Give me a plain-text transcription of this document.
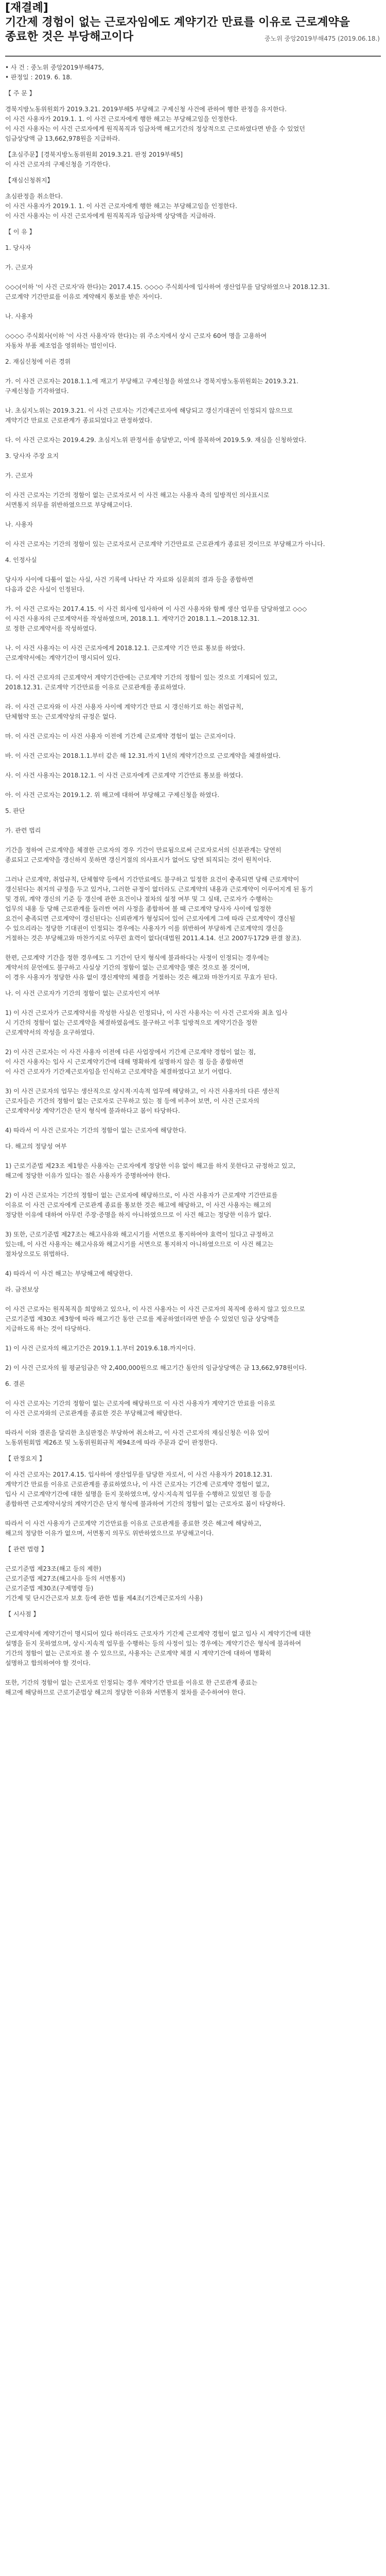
[재결례]
기간제 경험이 없는 근로자임에도 계약기간 만료를 이유로 근로계약을
종료한 것은 부당해고이다	중노위 중앙2019부해475 (2019.06.18.)
• 사 건 : 중노위 중앙2019부해475,
• 판정일 : 2019. 6. 18.
【 주 문 】
경북지방노동위원회가 2019.3.21. 2019부해5 부당해고 구제신청 사건에 관하여 행한 판정을 유지한다.
이 사건 사용자가 2019.1. 1. 이 사건 근로자에게 행한 해고는 부당해고임을 인정한다.
이 사건 사용자는 이 사건 근로자에게 원직복직과 임금차액 해고기간의 정상적으로 근로하였다면 받을 수 있었던
임금상당액 금 13,662,978원을 지급하라.
【초심주문】[경북지방노동위원회 2019.3.21. 판정 2019부해5]
이 사건 근로자의 구제신청을 기각한다.
【재심신청취지】
초심판정을 취소한다.
이 사건 사용자가 2019.1. 1. 이 사건 근로자에게 행한 해고는 부당해고임을 인정한다.
이 사건 사용자는 이 사건 근로자에게 원직복직과 임금차액 상당액을 지급하라.
【 이 유 】
1. 당사자

가. 근로자

◇◇◇(이하 '이 사건 근로자'라 한다)는 2017.4.15. ◇◇◇◇ 주식회사에 입사하여 생산업무를 담당하였으나 2018.12.31.
근로계약 기간만료를 이유로 계약해지 통보를 받은 자이다.

나. 사용자

◇◇◇◇ 주식회사(이하 '이 사건 사용자'라 한다)는 위 주소지에서 상시 근로자 60여 명을 고용하여
자동차 부품 제조업을 영위하는 법인이다.
2. 재심신청에 이른 경위

가. 이 사건 근로자는 2018.1.1.에 재고기 부당해고 구제신청을 하였으나 경북지방노동위원회는 2019.3.21.
구제신청을 기각하였다.

나. 초심지노위는 2019.3.21. 이 사건 근로자는 기간제근로자에 해당되고 갱신기대권이 인정되지 않으므로
계약기간 만료로 근로관계가 종료되었다고 판정하였다.

다. 이 사건 근로자는 2019.4.29. 초심지노위 판정서를 송달받고, 이에 불복하여 2019.5.9. 재심을 신청하였다.
3. 당사자 주장 요지

가. 근로자

이 사건 근로자는 기간의 정함이 없는 근로자로서 이 사건 해고는 사용자 측의 일방적인 의사표시로
서면통지 의무를 위반하였으므로 부당해고이다.

나. 사용자

이 사건 근로자는 기간의 정함이 있는 근로자로서 근로계약 기간만료로 근로관계가 종료된 것이므로 부당해고가 아니다.
4. 인정사실

당사자 사이에 다툼이 없는 사실, 사건 기록에 나타난 각 자료와 심문회의 결과 등을 종합하면
다음과 같은 사실이 인정된다.

가. 이 사건 근로자는 2017.4.15. 이 사건 회사에 입사하여 이 사건 사용자와 함께 생산 업무를 담당하였고 ◇◇◇
이 사건 사용자의 근로계약서를 작성하였으며, 2018.1.1. 계약기간 2018.1.1.~2018.12.31.
로 정한 근로계약서를 작성하였다.

나. 이 사건 사용자는 이 사건 근로자에게 2018.12.1. 근로계약 기간 만료 통보를 하였다.
근로계약서에는 계약기간이 명시되어 있다.

다. 이 사건 근로자의 근로계약서 계약기간란에는 근로계약 기간의 정함이 있는 것으로 기재되어 있고,
2018.12.31. 근로계약 기간만료를 이유로 근로관계를 종료하였다.

라. 이 사건 근로자와 이 사건 사용자 사이에 계약기간 만료 시 갱신하기로 하는 취업규칙,
단체협약 또는 근로계약상의 규정은 없다.

마. 이 사건 근로자는 이 사건 사용자 이전에 기간제 근로계약 경험이 없는 근로자이다.

바. 이 사건 근로자는 2018.1.1.부터 같은 해 12.31.까지 1년의 계약기간으로 근로계약을 체결하였다.

사. 이 사건 사용자는 2018.12.1. 이 사건 근로자에게 근로계약 기간만료 통보를 하였다.

아. 이 사건 근로자는 2019.1.2. 위 해고에 대하여 부당해고 구제신청을 하였다.
5. 판단

가. 관련 법리

기간을 정하여 근로계약을 체결한 근로자의 경우 기간이 만료됨으로써 근로자로서의 신분관계는 당연히
종료되고 근로계약을 갱신하지 못하면 갱신거절의 의사표시가 없어도 당연 퇴직되는 것이 원칙이다.

그러나 근로계약, 취업규칙, 단체협약 등에서 기간만료에도 불구하고 일정한 요건이 충족되면 당해 근로계약이
갱신된다는 취지의 규정을 두고 있거나, 그러한 규정이 없더라도 근로계약의 내용과 근로계약이 이루어지게 된 동기
및 경위, 계약 갱신의 기준 등 갱신에 관한 요건이나 절차의 설정 여부 및 그 실태, 근로자가 수행하는
업무의 내용 등 당해 근로관계를 둘러싼 여러 사정을 종합하여 볼 때 근로계약 당사자 사이에 일정한
요건이 충족되면 근로계약이 갱신된다는 신뢰관계가 형성되어 있어 근로자에게 그에 따라 근로계약이 갱신될
수 있으리라는 정당한 기대권이 인정되는 경우에는 사용자가 이를 위반하여 부당하게 근로계약의 갱신을
거절하는 것은 부당해고와 마찬가지로 아무런 효력이 없다(대법원 2011.4.14. 선고 2007두1729 판결 참조).

한편, 근로계약 기간을 정한 경우에도 그 기간이 단지 형식에 불과하다는 사정이 인정되는 경우에는
계약서의 문언에도 불구하고 사실상 기간의 정함이 없는 근로계약을 맺은 것으로 볼 것이며,
이 경우 사용자가 정당한 사유 없이 갱신계약의 체결을 거절하는 것은 해고와 마찬가지로 무효가 된다.
나. 이 사건 근로자가 기간의 정함이 없는 근로자인지 여부

1) 이 사건 근로자가 근로계약서를 작성한 사실은 인정되나, 이 사건 사용자는 이 사건 근로자와 최초 입사
시 기간의 정함이 없는 근로계약을 체결하였음에도 불구하고 이후 일방적으로 계약기간을 정한
근로계약서의 작성을 요구하였다.

2) 이 사건 근로자는 이 사건 사용자 이전에 다른 사업장에서 기간제 근로계약 경험이 없는 점,
이 사건 사용자는 입사 시 근로계약기간에 대해 명확하게 설명하지 않은 점 등을 종합하면
이 사건 근로자가 기간제근로자임을 인식하고 근로계약을 체결하였다고 보기 어렵다.

3) 이 사건 근로자의 업무는 생산직으로 상시적·지속적 업무에 해당하고, 이 사건 사용자의 다른 생산직
근로자들은 기간의 정함이 없는 근로자로 근무하고 있는 점 등에 비추어 보면, 이 사건 근로자의
근로계약서상 계약기간은 단지 형식에 불과하다고 봄이 타당하다.

4) 따라서 이 사건 근로자는 기간의 정함이 없는 근로자에 해당한다.
다. 해고의 정당성 여부

1) 근로기준법 제23조 제1항은 사용자는 근로자에게 정당한 이유 없이 해고를 하지 못한다고 규정하고 있고,
해고에 정당한 이유가 있다는 점은 사용자가 증명하여야 한다.

2) 이 사건 근로자는 기간의 정함이 없는 근로자에 해당하므로, 이 사건 사용자가 근로계약 기간만료를
이유로 이 사건 근로자에게 근로관계 종료를 통보한 것은 해고에 해당하고, 이 사건 사용자는 해고의
정당한 이유에 대하여 아무런 주장·증명을 하지 아니하였으므로 이 사건 해고는 정당한 이유가 없다.

3) 또한, 근로기준법 제27조는 해고사유와 해고시기를 서면으로 통지하여야 효력이 있다고 규정하고
있는데, 이 사건 사용자는 해고사유와 해고시기를 서면으로 통지하지 아니하였으므로 이 사건 해고는
절차상으로도 위법하다.

4) 따라서 이 사건 해고는 부당해고에 해당한다.
라. 금전보상

이 사건 근로자는 원직복직을 희망하고 있으나, 이 사건 사용자는 이 사건 근로자의 복직에 응하지 않고 있으므로
근로기준법 제30조 제3항에 따라 해고기간 동안 근로를 제공하였더라면 받을 수 있었던 임금 상당액을
지급하도록 하는 것이 타당하다.

1) 이 사건 근로자의 해고기간은 2019.1.1.부터 2019.6.18.까지이다.

2) 이 사건 근로자의 월 평균임금은 약 2,400,000원으로 해고기간 동안의 임금상당액은 금 13,662,978원이다.
6. 결론

이 사건 근로자는 기간의 정함이 없는 근로자에 해당하므로 이 사건 사용자가 계약기간 만료를 이유로
이 사건 근로자와의 근로관계를 종료한 것은 부당해고에 해당한다.

따라서 이와 결론을 달리한 초심판정은 부당하여 취소하고, 이 사건 근로자의 재심신청은 이유 있어
노동위원회법 제26조 및 노동위원회규칙 제94조에 따라 주문과 같이 판정한다.
【 판정요지 】
이 사건 근로자는 2017.4.15. 입사하여 생산업무를 담당한 자로서, 이 사건 사용자가 2018.12.31.
계약기간 만료를 이유로 근로관계를 종료하였으나, 이 사건 근로자는 기간제 근로계약 경험이 없고,
입사 시 근로계약기간에 대한 설명을 듣지 못하였으며, 상시·지속적 업무를 수행하고 있었던 점 등을
종합하면 근로계약서상의 계약기간은 단지 형식에 불과하여 기간의 정함이 없는 근로자로 봄이 타당하다.

따라서 이 사건 사용자가 근로계약 기간만료를 이유로 근로관계를 종료한 것은 해고에 해당하고,
해고의 정당한 이유가 없으며, 서면통지 의무도 위반하였으므로 부당해고이다.
【 관련 법령 】

근로기준법 제23조(해고 등의 제한)
근로기준법 제27조(해고사유 등의 서면통지)
근로기준법 제30조(구제명령 등)
기간제 및 단시간근로자 보호 등에 관한 법률 제4조(기간제근로자의 사용)
【 시사점 】

근로계약서에 계약기간이 명시되어 있다 하더라도 근로자가 기간제 근로계약 경험이 없고 입사 시 계약기간에 대한
설명을 듣지 못하였으며, 상시·지속적 업무를 수행하는 등의 사정이 있는 경우에는 계약기간은 형식에 불과하여
기간의 정함이 없는 근로자로 볼 수 있으므로, 사용자는 근로계약 체결 시 계약기간에 대하여 명확히
설명하고 합의하여야 할 것이다.

또한, 기간의 정함이 없는 근로자로 인정되는 경우 계약기간 만료를 이유로 한 근로관계 종료는
해고에 해당하므로 근로기준법상 해고의 정당한 이유와 서면통지 절차를 준수하여야 한다.
